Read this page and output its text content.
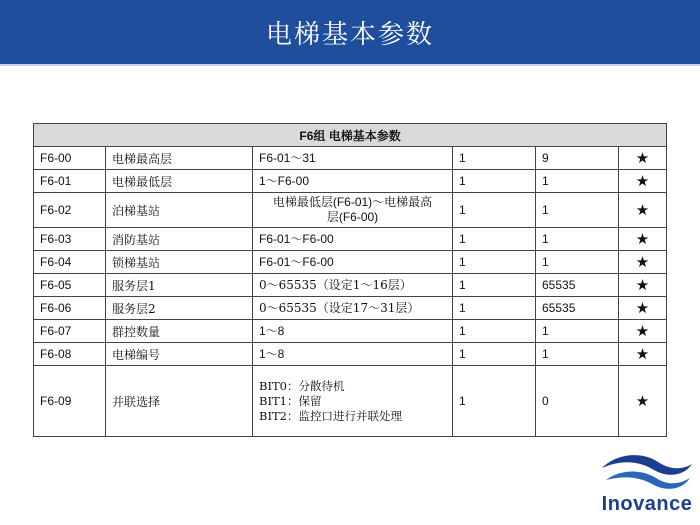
电梯基本参数
F6组 电梯基本参数					
F6-00	电梯最高层	F6-01～31	1	9	★
F6-01	电梯最低层	1～F6-00	1	1	★
F6-02	泊梯基站	电梯最低层(F6-01)～电梯最高
层(F6-00)	1	1	★
F6-03	消防基站	F6-01～F6-00	1	1	★
F6-04	锁梯基站	F6-01～F6-00	1	1	★
F6-05	服务层1	0～65535（设定1～16层）	1	65535	★
F6-06	服务层2	0～65535（设定17～31层）	1	65535	★
F6-07	群控数量	1～8	1	1	★
F6-08	电梯编号	1～8	1	1	★
F6-09	并联选择	BIT0：分散待机
BIT1：保留
BIT2：监控口进行并联处理	1	0	★
Inovance
